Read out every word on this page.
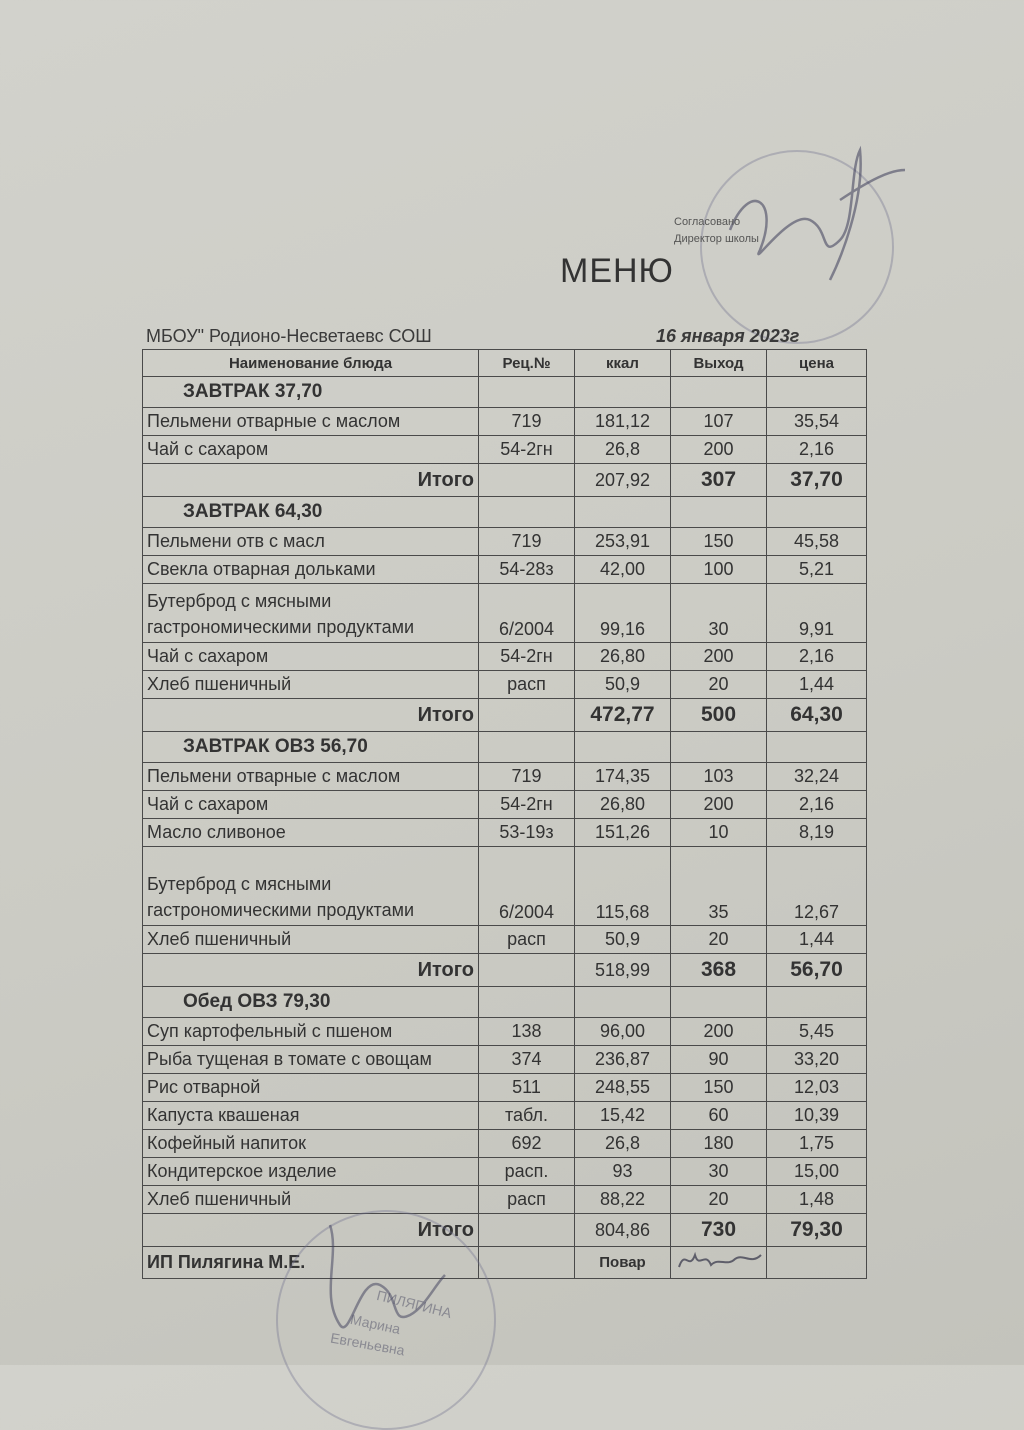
Согласовано
Директор школы
МЕНЮ
МБОУ" Родионо-Несветаевс СОШ	16 января 2023г
Наименование блюда	Рец.№	ккал	Выход	цена
ЗАВТРАК 37,70				
Пельмени отварные с маслом	719	181,12	107	35,54
Чай с сахаром	54-2гн	26,8	200	2,16
Итого		207,92	307	37,70
ЗАВТРАК 64,30				
Пельмени отв с масл	719	253,91	150	45,58
Свекла отварная дольками	54-28з	42,00	100	5,21
Бутерброд с мясными гастрономическими продуктами	6/2004	99,16	30	9,91
Чай с сахаром	54-2гн	26,80	200	2,16
Хлеб пшеничный	расп	50,9	20	1,44
Итого		472,77	500	64,30
ЗАВТРАК ОВЗ 56,70				
Пельмени отварные с маслом	719	174,35	103	32,24
Чай с сахаром	54-2гн	26,80	200	2,16
Масло сливоное	53-19з	151,26	10	8,19
Бутерброд с мясными гастрономическими продуктами	6/2004	115,68	35	12,67
Хлеб пшеничный	расп	50,9	20	1,44
Итого		518,99	368	56,70
Обед ОВЗ 79,30				
Суп картофельный с пшеном	138	96,00	200	5,45
Рыба тущеная в томате с овощам	374	236,87	90	33,20
Рис отварной	511	248,55	150	12,03
Капуста квашеная	табл.	15,42	60	10,39
Кофейный напиток	692	26,8	180	1,75
Кондитерское изделие	расп.	93	30	15,00
Хлеб пшеничный	расп	88,22	20	1,48
Итого		804,86	730	79,30
ИП Пилягина М.Е.		Повар		
ПИЛЯГИНА
Марина
Евгеньевна
